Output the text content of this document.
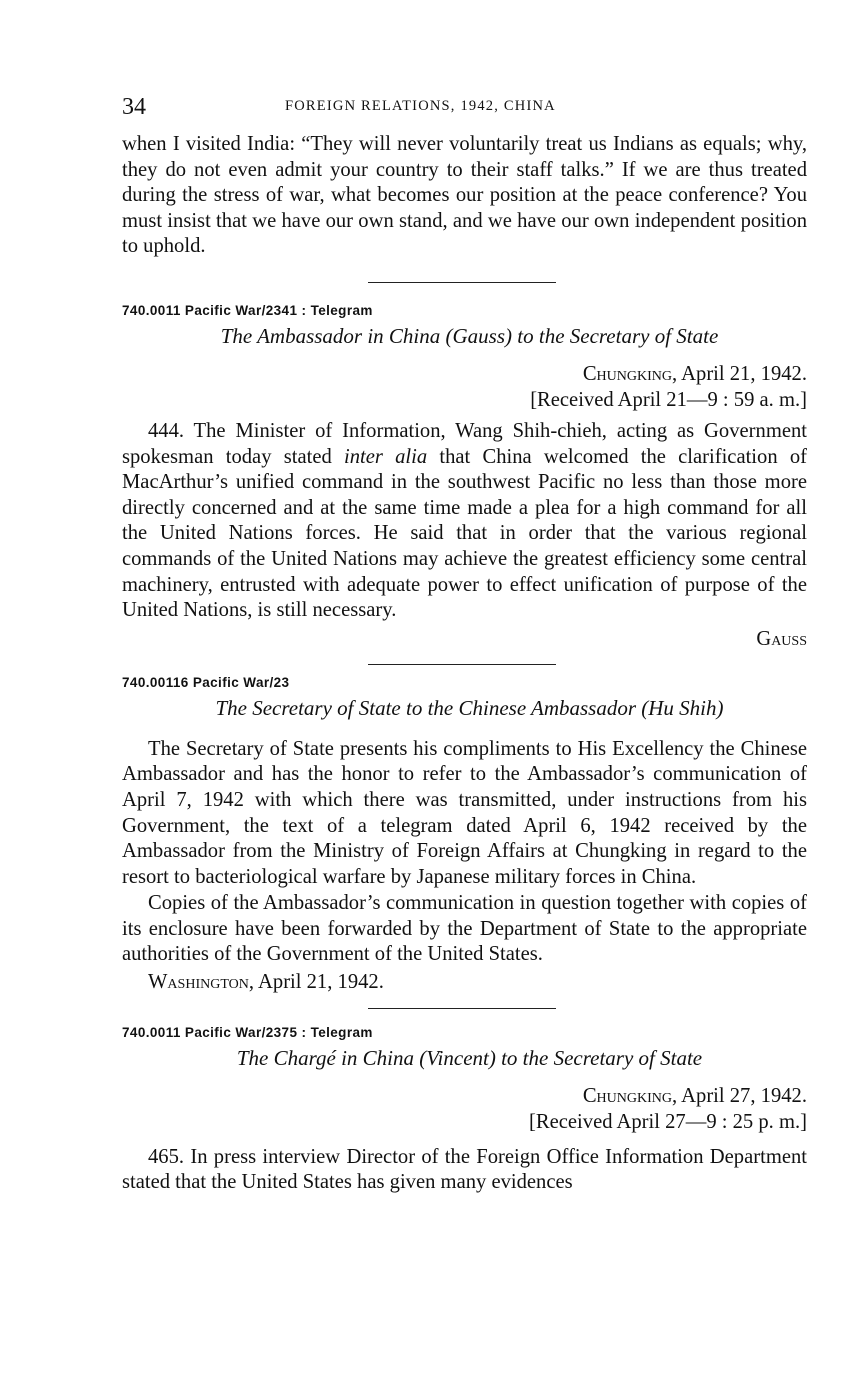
34	FOREIGN RELATIONS, 1942, CHINA

when I visited India: “They will never voluntarily treat us Indians as equals; why, they do not even admit your country to their staff talks.” If we are thus treated during the stress of war, what becomes our position at the peace conference? You must insist that we have our own stand, and we have our own independent position to uphold.

740.0011 Pacific War/2341 : Telegram
The Ambassador in China (Gauss) to the Secretary of State
Chungking, April 21, 1942.
[Received April 21—9 : 59 a. m.]

444. The Minister of Information, Wang Shih-chieh, acting as Government spokesman today stated inter alia that China welcomed the clarification of MacArthur’s unified command in the southwest Pacific no less than those more directly concerned and at the same time made a plea for a high command for all the United Nations forces. He said that in order that the various regional commands of the United Nations may achieve the greatest efficiency some central machinery, entrusted with adequate power to effect unification of purpose of the United Nations, is still necessary.

Gauss
740.00116 Pacific War/23
The Secretary of State to the Chinese Ambassador (Hu Shih)

The Secretary of State presents his compliments to His Excellency the Chinese Ambassador and has the honor to refer to the Ambassador’s communication of April 7, 1942 with which there was transmitted, under instructions from his Government, the text of a telegram dated April 6, 1942 received by the Ambassador from the Ministry of Foreign Affairs at Chungking in regard to the resort to bacteriological warfare by Japanese military forces in China.

Copies of the Ambassador’s communication in question together with copies of its enclosure have been forwarded by the Department of State to the appropriate authorities of the Government of the United States.

Washington, April 21, 1942.

740.0011 Pacific War/2375 : Telegram
The Chargé in China (Vincent) to the Secretary of State
Chungking, April 27, 1942.
[Received April 27—9 : 25 p. m.]

465. In press interview Director of the Foreign Office Information Department stated that the United States has given many evidences
